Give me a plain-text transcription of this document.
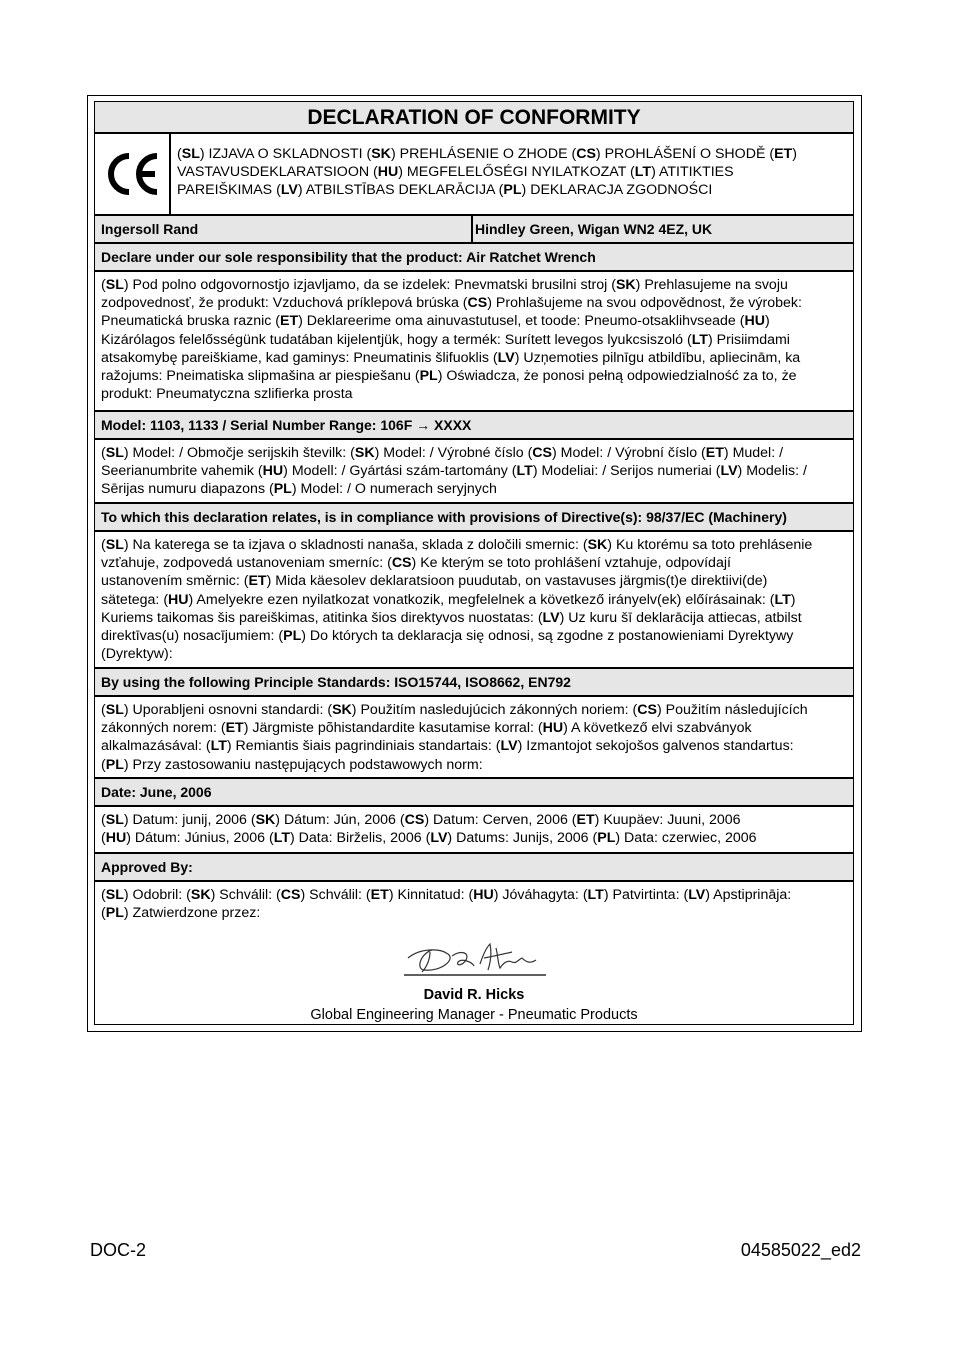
DECLARATION OF CONFORMITY
(SL) IZJAVA O SKLADNOSTI (SK) PREHLÁSENIE O ZHODE (CS) PROHLÁŠENÍ O SHODĚ (ET)
VASTAVUSDEKLARATSIOON (HU) MEGFELELŐSÉGI NYILATKOZAT (LT) ATITIKTIES
PAREIŠKIMAS (LV) ATBILSTĪBAS DEKLARĀCIJA (PL) DEKLARACJA ZGODNOŚCI
Ingersoll Rand	Hindley Green, Wigan WN2 4EZ, UK
Declare under our sole responsibility that the product: Air Ratchet Wrench
(SL) Pod polno odgovornostjo izjavljamo, da se izdelek: Pnevmatski brusilni stroj (SK) Prehlasujeme na svoju
zodpovednosť, že produkt: Vzduchová príklepová brúska (CS) Prohlašujeme na svou odpovědnost, že výrobek:
Pneumatická bruska raznic (ET) Deklareerime oma ainuvastutusel, et toode: Pneumo-otsaklihvseade (HU)
Kizárólagos felelősségünk tudatában kijelentjük, hogy a termék: Surített levegos lyukcsiszoló (LT) Prisiimdami
atsakomybę pareiškiame, kad gaminys: Pneumatinis šlifuoklis (LV) Uzņemoties pilnīgu atbildību, apliecinām, ka
ražojums: Pneimatiska slipmašina ar piespiešanu (PL) Oświadcza, że ponosi pełną odpowiedzialność za to, że
produkt: Pneumatyczna szlifierka prosta
Model: 1103, 1133 / Serial Number Range: 106F → XXXX
(SL) Model: / Območje serijskih številk: (SK) Model: / Výrobné číslo (CS) Model: / Výrobní číslo (ET) Mudel: /
Seerianumbrite vahemik (HU) Modell: / Gyártási szám-tartomány (LT) Modeliai: / Serijos numeriai (LV) Modelis: /
Sērijas numuru diapazons (PL) Model: / O numerach seryjnych
To which this declaration relates, is in compliance with provisions of Directive(s): 98/37/EC (Machinery)
(SL) Na katerega se ta izjava o skladnosti nanaša, sklada z določili smernic: (SK) Ku ktorému sa toto prehlásenie
vzťahuje, zodpovedá ustanoveniam smerníc: (CS) Ke kterým se toto prohlášení vztahuje, odpovídají
ustanovením směrnic: (ET) Mida käesolev deklaratsioon puudutab, on vastavuses järgmis(t)e direktiivi(de)
sätetega: (HU) Amelyekre ezen nyilatkozat vonatkozik, megfelelnek a következő irányelv(ek) előírásainak: (LT)
Kuriems taikomas šis pareiškimas, atitinka šios direktyvos nuostatas: (LV) Uz kuru šī deklarācija attiecas, atbilst
direktīvas(u) nosacījumiem: (PL) Do których ta deklaracja się odnosi, są zgodne z postanowieniami Dyrektywy
(Dyrektyw):
By using the following Principle Standards: ISO15744, ISO8662, EN792
(SL) Uporabljeni osnovni standardi: (SK) Použitím nasledujúcich zákonných noriem: (CS) Použitím následujících
zákonných norem: (ET) Järgmiste põhistandardite kasutamise korral: (HU) A következő elvi szabványok
alkalmazásával: (LT) Remiantis šiais pagrindiniais standartais: (LV) Izmantojot sekojošos galvenos standartus:
(PL) Przy zastosowaniu następujących podstawowych norm:
Date: June, 2006
(SL) Datum: junij, 2006 (SK) Dátum: Jún, 2006 (CS) Datum: Cerven, 2006 (ET) Kuupäev: Juuni, 2006
(HU) Dátum: Június, 2006 (LT) Data: Birželis, 2006 (LV) Datums: Junijs, 2006 (PL) Data: czerwiec, 2006
Approved By:
(SL) Odobril: (SK) Schválil: (CS) Schválil: (ET) Kinnitatud: (HU) Jóváhagyta: (LT) Patvirtinta: (LV) Apstiprināja:
(PL) Zatwierdzone przez:
David R. Hicks
Global Engineering Manager - Pneumatic Products
DOC-2	04585022_ed2
